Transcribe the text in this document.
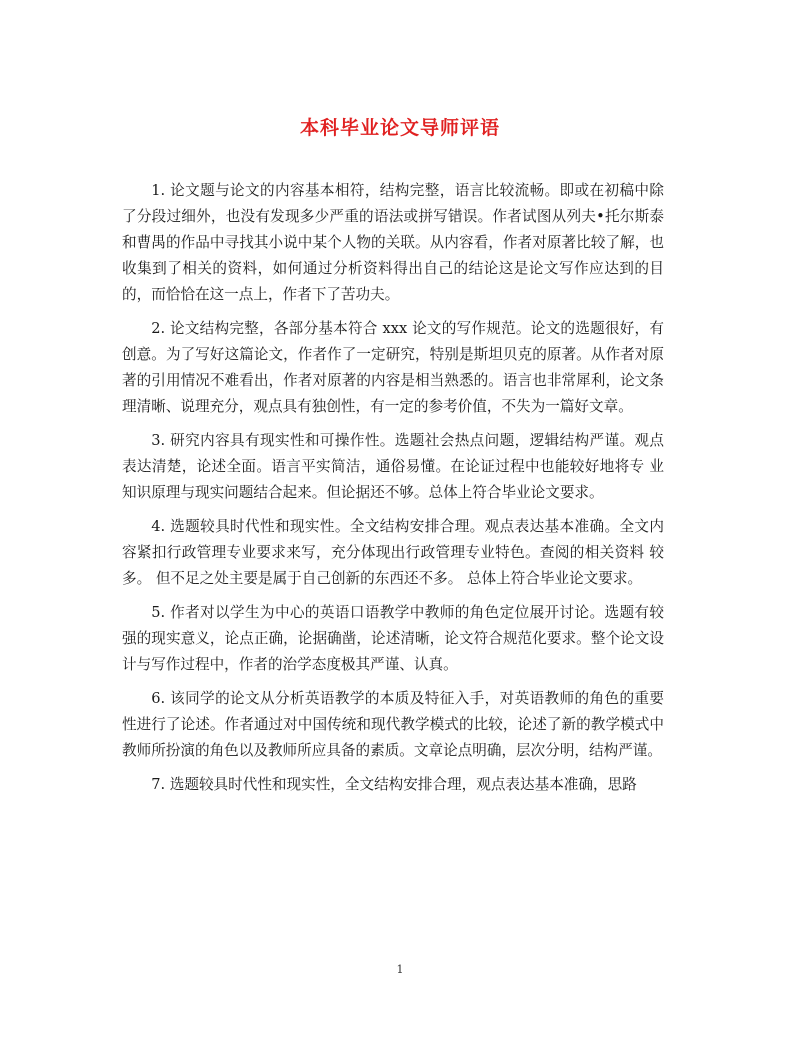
本科毕业论文导师评语

1. 论文题与论文的内容基本相符，结构完整，语言比较流畅。即或在初稿中除了分段过细外，也没有发现多少严重的语法或拼写错误。作者试图从列夫•托尔斯泰和曹禺的作品中寻找其小说中某个人物的关联。从内容看，作者对原著比较了解，也收集到了相关的资料，如何通过分析资料得出自己的结论这是论文写作应达到的目的，而恰恰在这一点上，作者下了苦功夫。

2. 论文结构完整，各部分基本符合 xxx 论文的写作规范。论文的选题很好，有创意。为了写好这篇论文，作者作了一定研究，特别是斯坦贝克的原著。从作者对原著的引用情况不难看出，作者对原著的内容是相当熟悉的。语言也非常犀利，论文条理清晰、说理充分，观点具有独创性，有一定的参考价值，不失为一篇好文章。

3. 研究内容具有现实性和可操作性。选题社会热点问题，逻辑结构严谨。观点 表达清楚，论述全面。语言平实简洁，通俗易懂。在论证过程中也能较好地将专 业知识原理与现实问题结合起来。但论据还不够。总体上符合毕业论文要求。

4. 选题较具时代性和现实性。全文结构安排合理。观点表达基本准确。全文内 容紧扣行政管理专业要求来写，充分体现出行政管理专业特色。查阅的相关资料 较多。 但不足之处主要是属于自己创新的东西还不多。 总体上符合毕业论文要求。

5. 作者对以学生为中心的英语口语教学中教师的角色定位展开讨论。选题有较强的现实意义，论点正确，论据确凿，论述清晰，论文符合规范化要求。整个论文设计与写作过程中，作者的治学态度极其严谨、认真。

6. 该同学的论文从分析英语教学的本质及特征入手，对英语教师的角色的重要性进行了论述。作者通过对中国传统和现代教学模式的比较，论述了新的教学模式中教师所扮演的角色以及教师所应具备的素质。文章论点明确，层次分明，结构严谨。

7. 选题较具时代性和现实性，全文结构安排合理，观点表达基本准确，思路

1
